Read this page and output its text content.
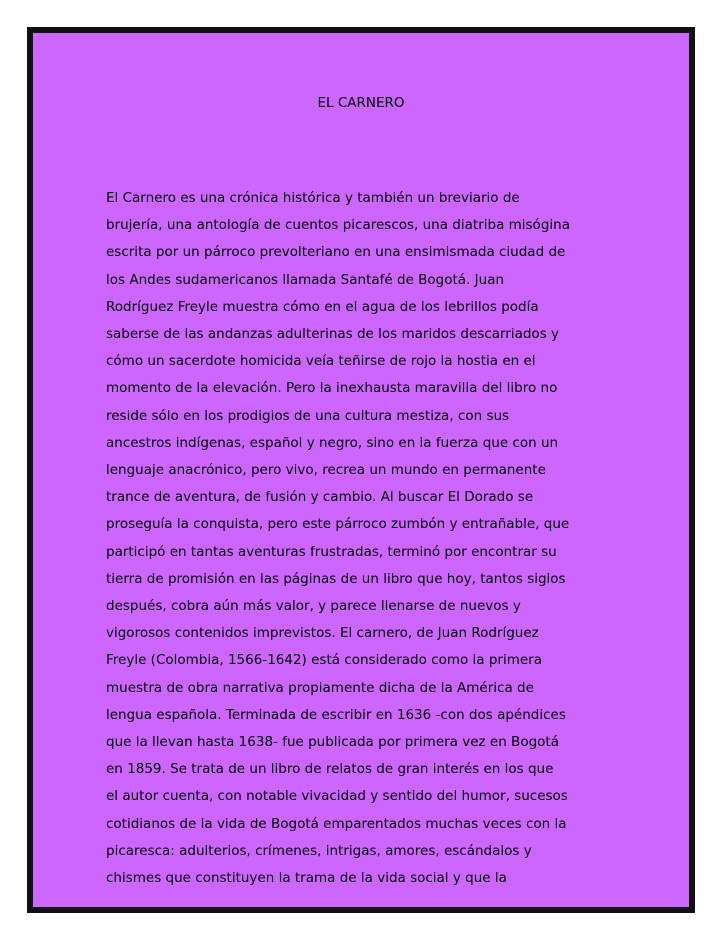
EL CARNERO

El Carnero es una crónica histórica y también un breviario de
brujería, una antología de cuentos picarescos, una diatriba misógina
escrita por un párroco prevolteriano en una ensimismada ciudad de
los Andes sudamericanos llamada Santafé de Bogotá. Juan
Rodríguez Freyle muestra cómo en el agua de los lebrillos podía
saberse de las andanzas adulterinas de los maridos descarriados y
cómo un sacerdote homicida veía teñirse de rojo la hostia en el
momento de la elevación. Pero la inexhausta maravilla del libro no
reside sólo en los prodigios de una cultura mestiza, con sus
ancestros indígenas, español y negro, sino en la fuerza que con un
lenguaje anacrónico, pero vivo, recrea un mundo en permanente
trance de aventura, de fusión y cambio. Al buscar El Dorado se
proseguía la conquista, pero este párroco zumbón y entrañable, que
participó en tantas aventuras frustradas, terminó por encontrar su
tierra de promisión en las páginas de un libro que hoy, tantos siglos
después, cobra aún más valor, y parece llenarse de nuevos y
vigorosos contenidos imprevistos. El carnero, de Juan Rodríguez
Freyle (Colombia, 1566-1642) está considerado como la primera
muestra de obra narrativa propiamente dicha de la América de
lengua española. Terminada de escribir en 1636 -con dos apéndices
que la llevan hasta 1638- fue publicada por primera vez en Bogotá
en 1859. Se trata de un libro de relatos de gran interés en los que
el autor cuenta, con notable vivacidad y sentido del humor, sucesos
cotidianos de la vida de Bogotá emparentados muchas veces con la
picaresca: adulterios, crímenes, intrigas, amores, escándalos y
chismes que constituyen la trama de la vida social y que la
